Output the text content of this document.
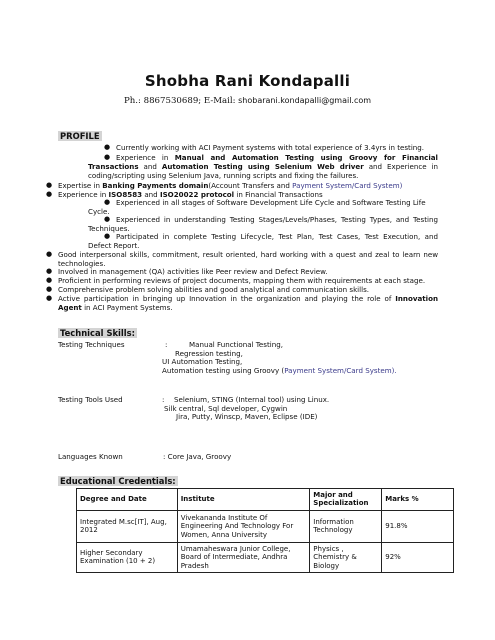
Shobha Rani Kondapalli
Ph.: 8867530689; E-Mail: shobarani.kondapalli@gmail.com
PROFILE
● Currently working with ACI Payment systems with total experience of 3.4yrs in testing.
● Experience in Manual and Automation Testing using Groovy for Financial Transactions and Automation Testing using Selenium Web driver and Experience in coding/scripting using Selenium Java, running scripts and fixing the failures.
● Expertise in Banking Payments domain(Account Transfers and Payment System/Card System)
● Experience in ISO8583 and ISO20022 protocol in Financial Transactions
● Experienced in all stages of Software Development Life Cycle and Software Testing Life Cycle.
● Experienced in understanding Testing Stages/Levels/Phases, Testing Types, and Testing Techniques.
● Participated in complete Testing Lifecycle, Test Plan, Test Cases, Test Execution, and Defect Report.
● Good interpersonal skills, commitment, result oriented, hard working with a quest and zeal to learn new technologies.
● Involved in management (QA) activities like Peer review and Defect Review.
● Proficient in performing reviews of project documents, mapping them with requirements at each stage.
● Comprehensive problem solving abilities and good analytical and communication skills.
● Active participation in bringing up Innovation in the organization and playing the role of Innovation Agent in ACI Payment Systems.
Technical Skills:
Testing Techniques	:	Manual Functional Testing,
Regression testing,
UI Automation Testing,
Automation testing using Groovy (Payment System/Card System).
Testing Tools Used	: Selenium, STING (Internal tool) using Linux.
Silk central, Sql developer, Cygwin
Jira, Putty, Winscp, Maven, Eclipse (IDE)
Languages Known	: Core Java, Groovy
Educational Credentials:
Degree and Date	Institute	Major and Specialization	Marks %
Integrated M.sc[IT], Aug, 2012	Vivekananda Institute Of Engineering And Technology For Women, Anna University	Information Technology	91.8%
Higher Secondary Examination (10 + 2)	Umamaheswara Junior College, Board of Intermediate, Andhra Pradesh	Physics , Chemistry & Biology	92%
